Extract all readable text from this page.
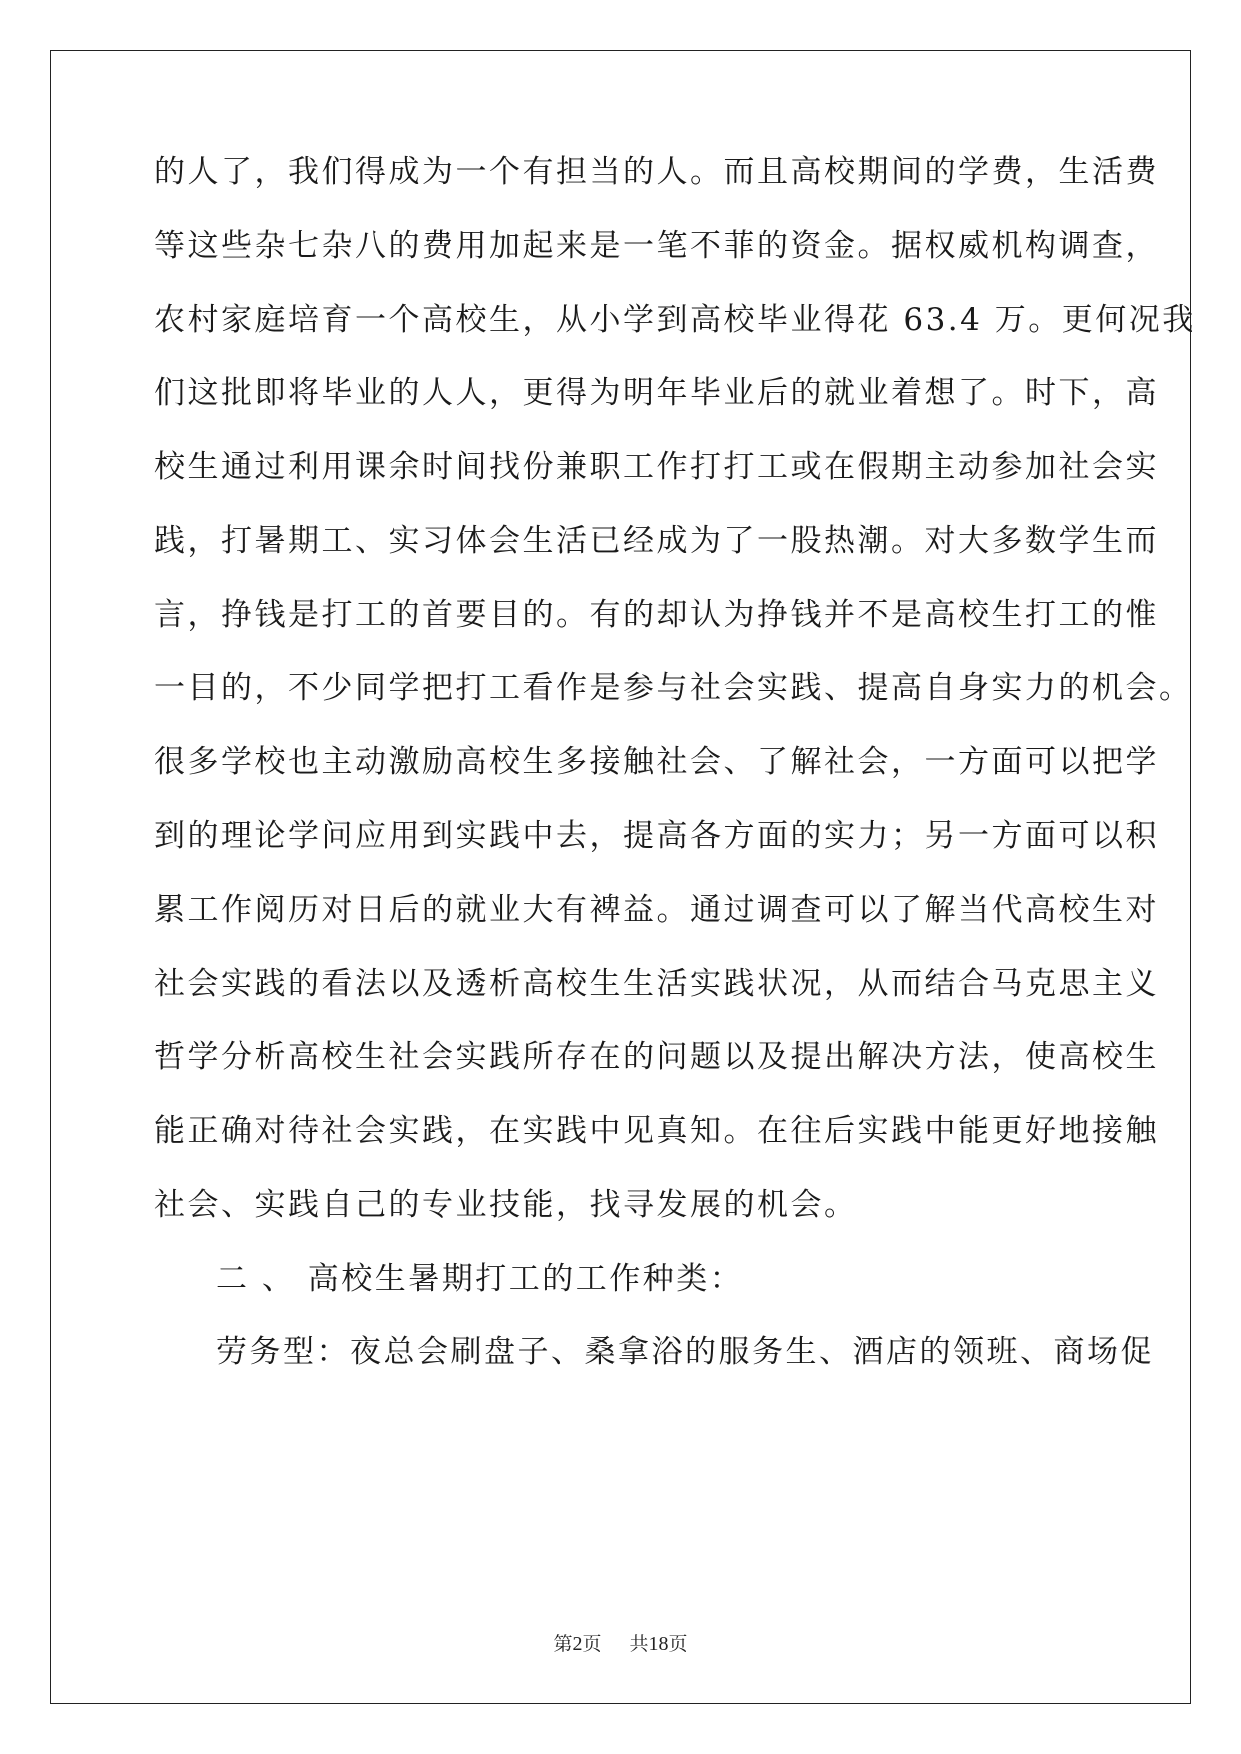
的人了，我们得成为一个有担当的人。而且高校期间的学费，生活费
等这些杂七杂八的费用加起来是一笔不菲的资金。据权威机构调查，
农村家庭培育一个高校生，从小学到高校毕业得花 63.4 万。更何况我
们这批即将毕业的人人，更得为明年毕业后的就业着想了。时下，高
校生通过利用课余时间找份兼职工作打打工或在假期主动参加社会实
践，打暑期工、实习体会生活已经成为了一股热潮。对大多数学生而
言，挣钱是打工的首要目的。有的却认为挣钱并不是高校生打工的惟
一目的，不少同学把打工看作是参与社会实践、提高自身实力的机会。
很多学校也主动激励高校生多接触社会、了解社会，一方面可以把学
到的理论学问应用到实践中去，提高各方面的实力；另一方面可以积
累工作阅历对日后的就业大有裨益。通过调查可以了解当代高校生对
社会实践的看法以及透析高校生生活实践状况，从而结合马克思主义
哲学分析高校生社会实践所存在的问题以及提出解决方法，使高校生
能正确对待社会实践，在实践中见真知。在往后实践中能更好地接触
社会、实践自己的专业技能，找寻发展的机会。
二 、 高校生暑期打工的工作种类：
劳务型：夜总会刷盘子、桑拿浴的服务生、酒店的领班、商场促
第2页 共18页
